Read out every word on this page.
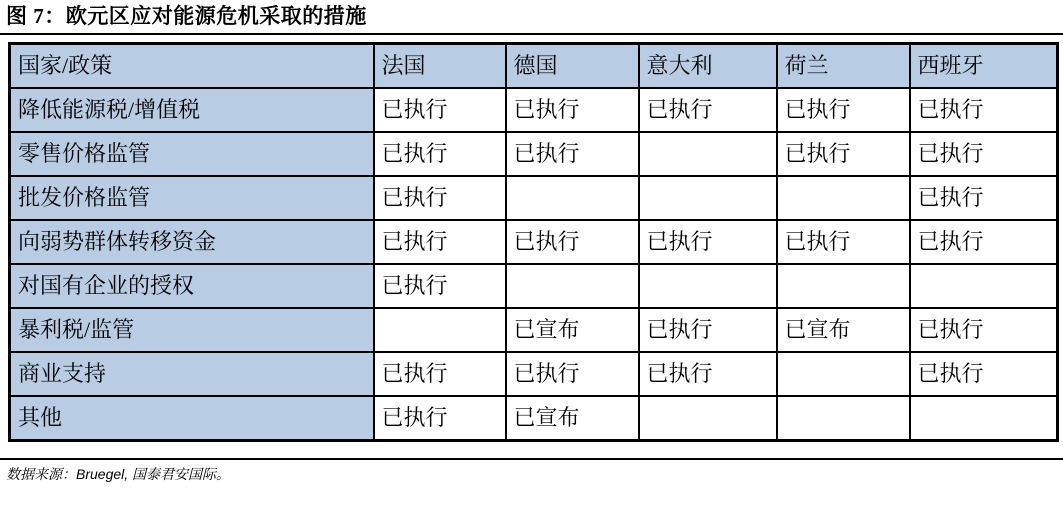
图 7：欧元区应对能源危机采取的措施
国家/政策	法国	德国	意大利	荷兰	西班牙
降低能源税/增值税	已执行	已执行	已执行	已执行	已执行
零售价格监管	已执行	已执行		已执行	已执行
批发价格监管	已执行				已执行
向弱势群体转移资金	已执行	已执行	已执行	已执行	已执行
对国有企业的授权	已执行				
暴利税/监管		已宣布	已执行	已宣布	已执行
商业支持	已执行	已执行	已执行		已执行
其他	已执行	已宣布			
数据来源：Bruegel, 国泰君安国际。
